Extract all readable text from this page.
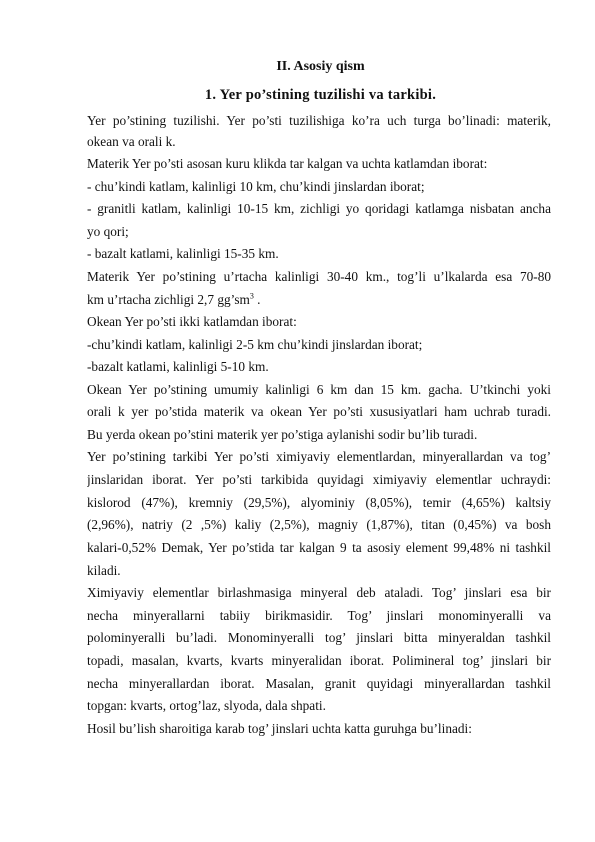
II. Asosiy qism
1. Yer po’stining tuzilishi va tarkibi.
Yer po’stining tuzilishi. Yer po’sti tuzilishiga ko’ra uch turga bo’linadi: materik,
okean va orali k.
Materik Yer po’sti asosan kuru klikda tar kalgan va uchta katlamdan iborat:
- chu’kindi katlam, kalinligi 10 km, chu’kindi jinslardan iborat;
- granitli katlam, kalinligi 10-15 km, zichligi yo qoridagi katlamga nisbatan ancha
yo qori;
- bazalt katlami, kalinligi 15-35 km.
Materik Yer po’stining u’rtacha kalinligi 30-40 km., tog’li u’lkalarda esa 70-80
km u’rtacha zichligi 2,7 $gg’sm^3$ .
Okean Yer po’sti ikki katlamdan iborat:
-chu’kindi katlam, kalinligi 2-5 km chu’kindi jinslardan iborat;
-bazalt katlami, kalinligi 5-10 km.
Okean Yer po’stining umumiy kalinligi 6 km dan 15 km. gacha. U’tkinchi yoki
orali k yer po’stida materik va okean Yer po’sti xususiyatlari ham uchrab turadi.
Bu yerda okean po’stini materik yer po’stiga aylanishi sodir bu’lib turadi.
Yer po’stining tarkibi Yer po’sti ximiyaviy elementlardan, minyerallardan va tog’
jinslaridan iborat. Yer po’sti tarkibida quyidagi ximiyaviy elementlar uchraydi:
kislorod (47%), kremniy (29,5%), alyominiy (8,05%), temir (4,65%) kaltsiy
(2,96%), natriy (2 ,5%) kaliy (2,5%), magniy (1,87%), titan (0,45%) va bosh
kalari-0,52% Demak, Yer po’stida tar kalgan 9 ta asosiy element 99,48% ni tashkil
kiladi.
Ximiyaviy elementlar birlashmasiga minyeral deb ataladi. Tog’ jinslari esa bir
necha minyerallarni tabiiy birikmasidir. Tog’ jinslari monominyeralli va
polominyeralli bu’ladi. Monominyeralli tog’ jinslari bitta minyeraldan tashkil
topadi, masalan, kvarts, kvarts minyeralidan iborat. Polimineral tog’ jinslari bir
necha minyerallardan iborat. Masalan, granit quyidagi minyerallardan tashkil
topgan: kvarts, ortog’laz, slyoda, dala shpati.
Hosil bu’lish sharoitiga karab tog’ jinslari uchta katta guruhga bu’linadi:
